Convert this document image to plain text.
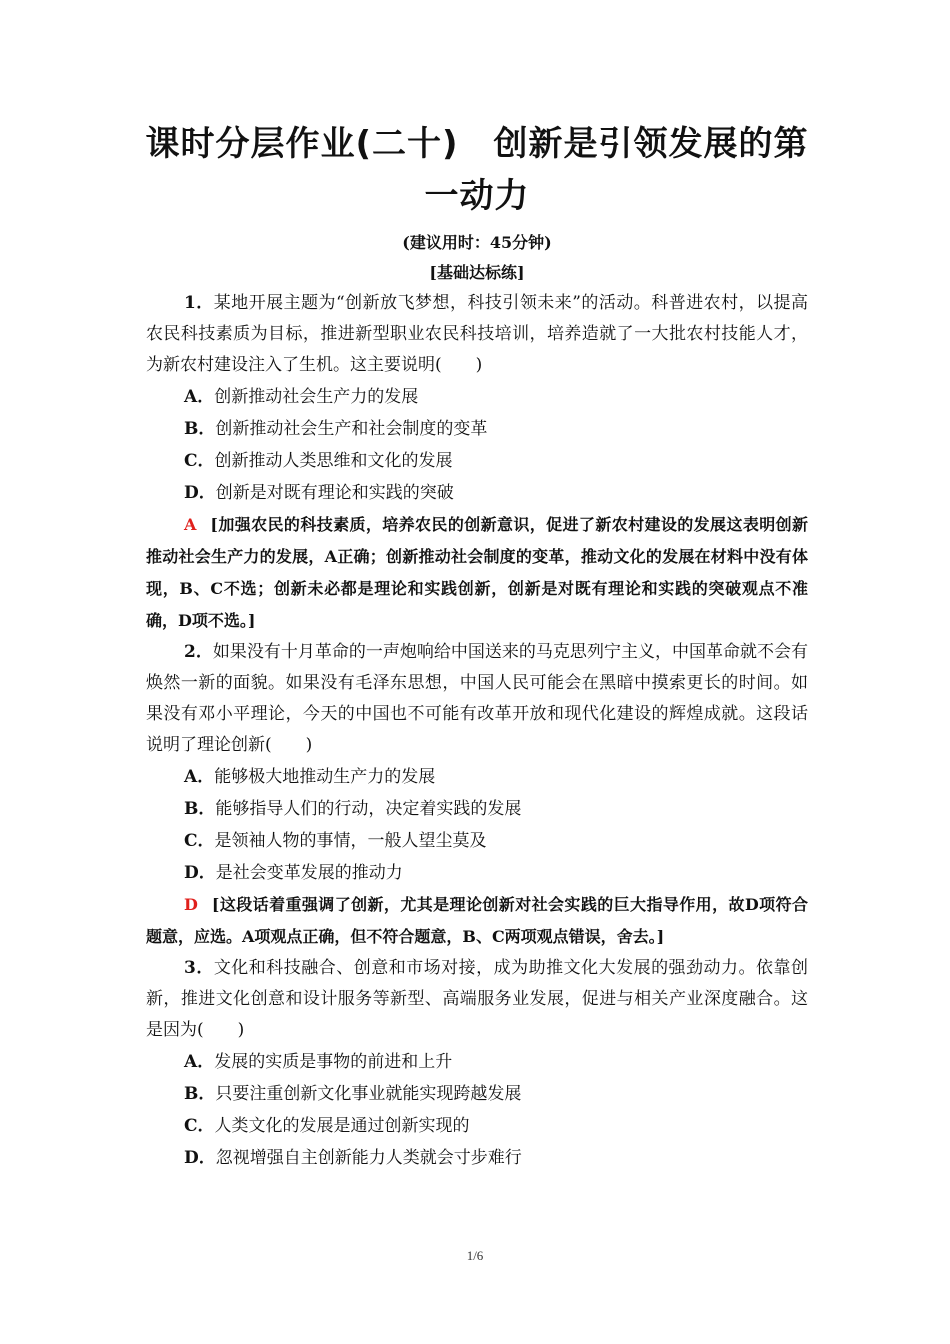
课时分层作业(二十)　创新是引领发展的第一动力
(建议用时：45分钟)
[基础达标练]
1．某地开展主题为“创新放飞梦想，科技引领未来”的活动。科普进农村，以提高农民科技素质为目标，推进新型职业农民科技培训，培养造就了一大批农村技能人才，为新农村建设注入了生机。这主要说明(　　)
A．创新推动社会生产力的发展
B．创新推动社会生产和社会制度的变革
C．创新推动人类思维和文化的发展
D．创新是对既有理论和实践的突破
A [加强农民的科技素质，培养农民的创新意识，促进了新农村建设的发展这表明创新推动社会生产力的发展，A正确；创新推动社会制度的变革，推动文化的发展在材料中没有体现，B、C不选；创新未必都是理论和实践创新，创新是对既有理论和实践的突破观点不准确，D项不选。]
2．如果没有十月革命的一声炮响给中国送来的马克思列宁主义，中国革命就不会有焕然一新的面貌。如果没有毛泽东思想，中国人民可能会在黑暗中摸索更长的时间。如果没有邓小平理论，今天的中国也不可能有改革开放和现代化建设的辉煌成就。这段话说明了理论创新(　　)
A．能够极大地推动生产力的发展
B．能够指导人们的行动，决定着实践的发展
C．是领袖人物的事情，一般人望尘莫及
D．是社会变革发展的推动力
D [这段话着重强调了创新，尤其是理论创新对社会实践的巨大指导作用，故D项符合题意，应选。A项观点正确，但不符合题意，B、C两项观点错误，舍去。]
3．文化和科技融合、创意和市场对接，成为助推文化大发展的强劲动力。依靠创新，推进文化创意和设计服务等新型、高端服务业发展，促进与相关产业深度融合。这是因为(　　)
A．发展的实质是事物的前进和上升
B．只要注重创新文化事业就能实现跨越发展
C．人类文化的发展是通过创新实现的
D．忽视增强自主创新能力人类就会寸步难行
1/6
